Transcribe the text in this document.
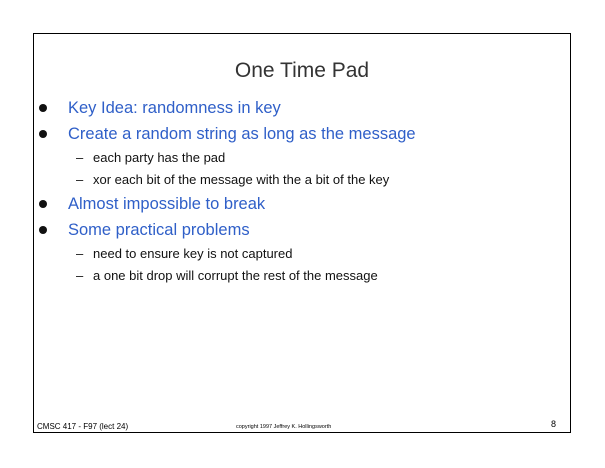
One Time Pad
Key Idea: randomness in key
Create a random string as long as the message
– each party has the pad
– xor each bit of the message with the a bit of the key
Almost impossible to break
Some practical problems
– need to ensure key is not captured
– a one bit drop will corrupt the rest of the message
CMSC 417 - F97 (lect 24)	copyright 1997 Jeffrey K. Hollingsworth	8
